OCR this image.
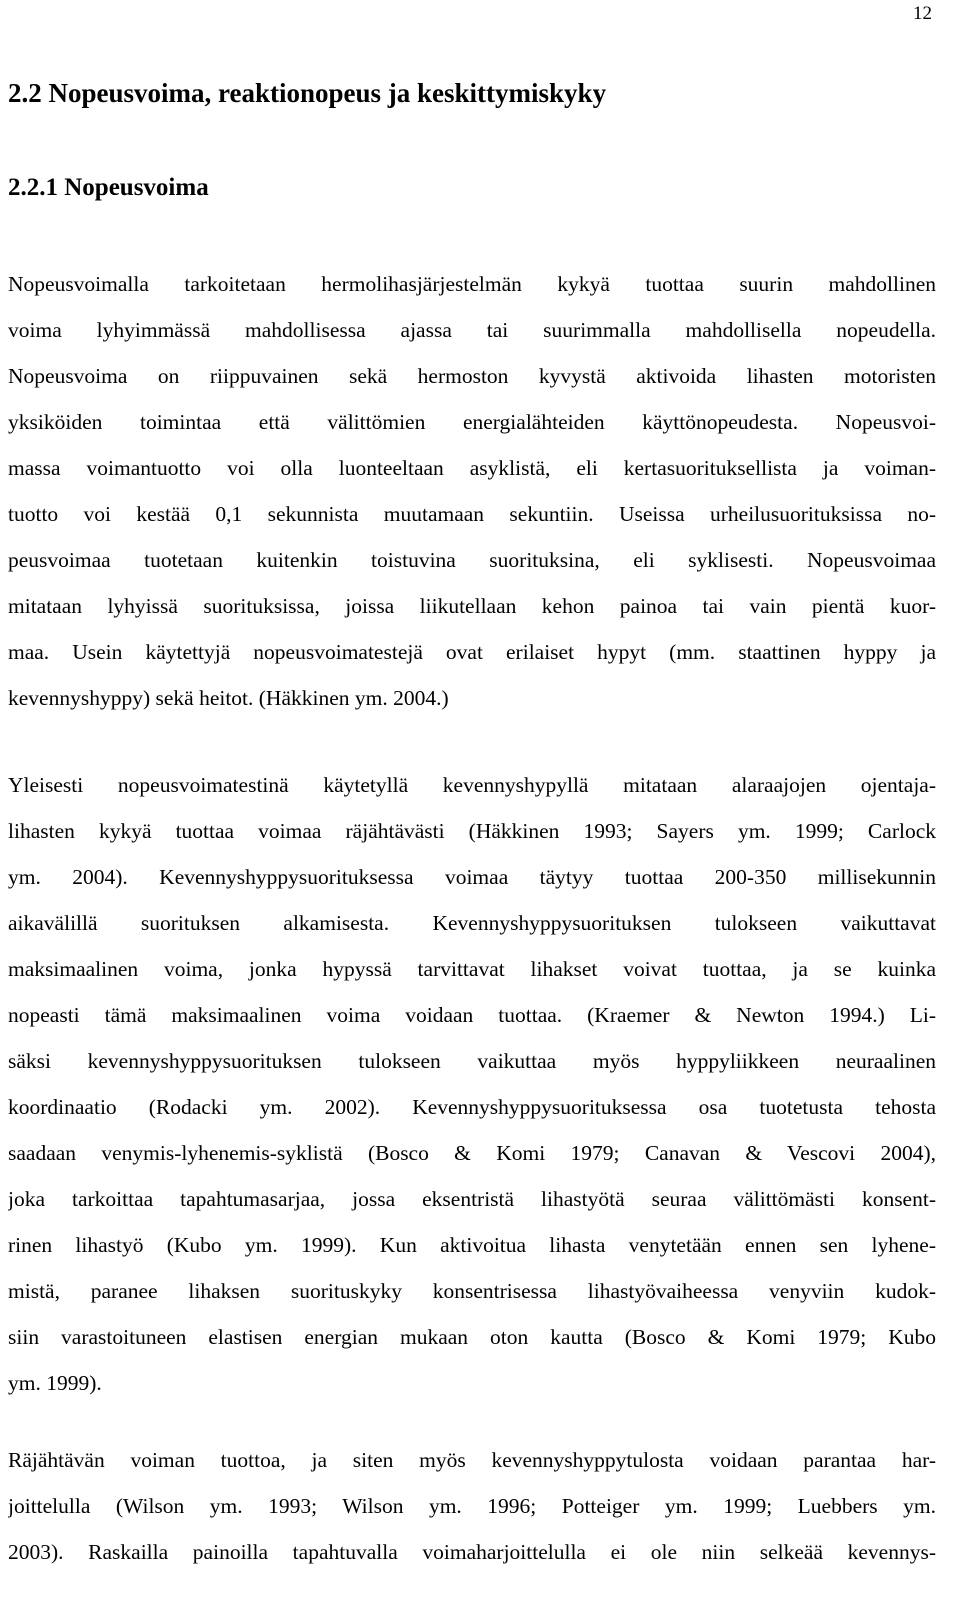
12
2.2 Nopeusvoima, reaktionopeus ja keskittymiskyky
2.2.1 Nopeusvoima
Nopeusvoimalla tarkoitetaan hermolihasjärjestelmän kykyä tuottaa suurin mahdollinen
voima lyhyimmässä mahdollisessa ajassa tai suurimmalla mahdollisella nopeudella.
Nopeusvoima on riippuvainen sekä hermoston kyvystä aktivoida lihasten motoristen
yksiköiden toimintaa että välittömien energialähteiden käyttönopeudesta. Nopeusvoi-
massa voimantuotto voi olla luonteeltaan asyklistä, eli kertasuorituksellista ja voiman-
tuotto voi kestää 0,1 sekunnista muutamaan sekuntiin. Useissa urheilusuorituksissa no-
peusvoimaa tuotetaan kuitenkin toistuvina suorituksina, eli syklisesti. Nopeusvoimaa
mitataan lyhyissä suorituksissa, joissa liikutellaan kehon painoa tai vain pientä kuor-
maa. Usein käytettyjä nopeusvoimatestejä ovat erilaiset hypyt (mm. staattinen hyppy ja
kevennyshyppy) sekä heitot. (Häkkinen ym. 2004.)
Yleisesti nopeusvoimatestinä käytetyllä kevennyshypyllä mitataan alaraajojen ojentaja-
lihasten kykyä tuottaa voimaa räjähtävästi (Häkkinen 1993; Sayers ym. 1999; Carlock
ym. 2004). Kevennyshyppysuorituksessa voimaa täytyy tuottaa 200-350 millisekunnin
aikavälillä suorituksen alkamisesta. Kevennyshyppysuorituksen tulokseen vaikuttavat
maksimaalinen voima, jonka hypyssä tarvittavat lihakset voivat tuottaa, ja se kuinka
nopeasti tämä maksimaalinen voima voidaan tuottaa. (Kraemer & Newton 1994.) Li-
säksi kevennyshyppysuorituksen tulokseen vaikuttaa myös hyppyliikkeen neuraalinen
koordinaatio (Rodacki ym. 2002). Kevennyshyppysuorituksessa osa tuotetusta tehosta
saadaan venymis-lyhenemis-syklistä (Bosco & Komi 1979; Canavan & Vescovi 2004),
joka tarkoittaa tapahtumasarjaa, jossa eksentristä lihastyötä seuraa välittömästi konsent-
rinen lihastyö (Kubo ym. 1999). Kun aktivoitua lihasta venytetään ennen sen lyhene-
mistä, paranee lihaksen suorituskyky konsentrisessa lihastyövaiheessa venyviin kudok-
siin varastoituneen elastisen energian mukaan oton kautta (Bosco & Komi 1979; Kubo
ym. 1999).
Räjähtävän voiman tuottoa, ja siten myös kevennyshyppytulosta voidaan parantaa har-
joittelulla (Wilson ym. 1993; Wilson ym. 1996; Potteiger ym. 1999; Luebbers ym.
2003). Raskailla painoilla tapahtuvalla voimaharjoittelulla ei ole niin selkeää kevennys-
